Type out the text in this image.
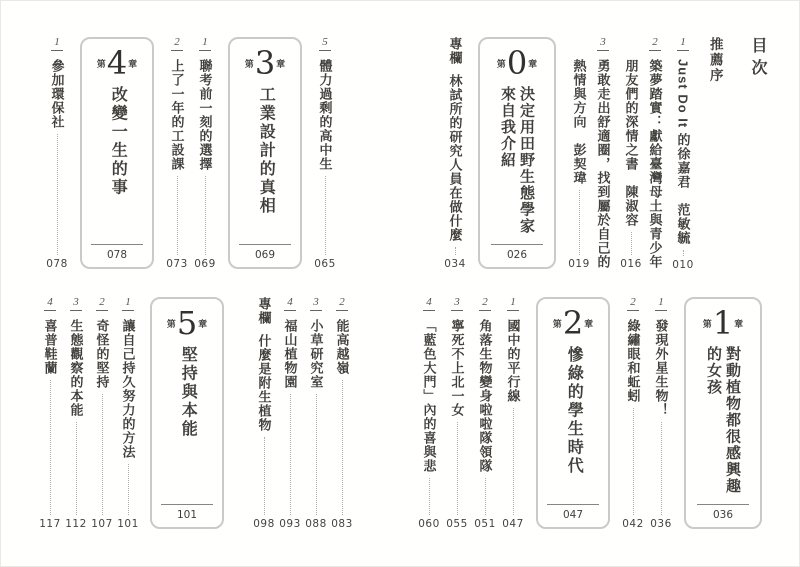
目次
推薦序
1
Just Do It 的徐嘉君　范敏毓
010
2
築夢踏實：獻給臺灣母土與青少年
朋友們的深情之書　陳淑容
016
3
勇敢走出舒適圈，找到屬於自己的
熱情與方向　彭契瑋
019
第 0 章
決定用田野生態學家
來自我介紹
026
專欄
林試所的研究人員在做什麼
034
5
體力過剩的高中生
065
第 3 章
工業設計的真相
069
1
聯考前一刻的選擇
069
2
上了一年的工設課
073
第 4 章
改變一生的事
078
1
參加環保社
078
第 1 章
對動植物都很感興趣
的女孩
036
1
發現外星生物！
036
2
綠繡眼和蚯蚓
042
第 2 章
慘綠的學生時代
047
1
國中的平行線
047
2
角落生物變身啦啦隊領隊
051
3
寧死不上北一女
055
4
「藍色大門」內的喜與悲
060
2
能高越嶺
083
3
小草研究室
088
4
福山植物園
093
專欄
什麼是附生植物
098
第 5 章
堅持與本能
101
1
讓自己持久努力的方法
101
2
奇怪的堅持
107
3
生態觀察的本能
112
4
喜普鞋蘭
117
